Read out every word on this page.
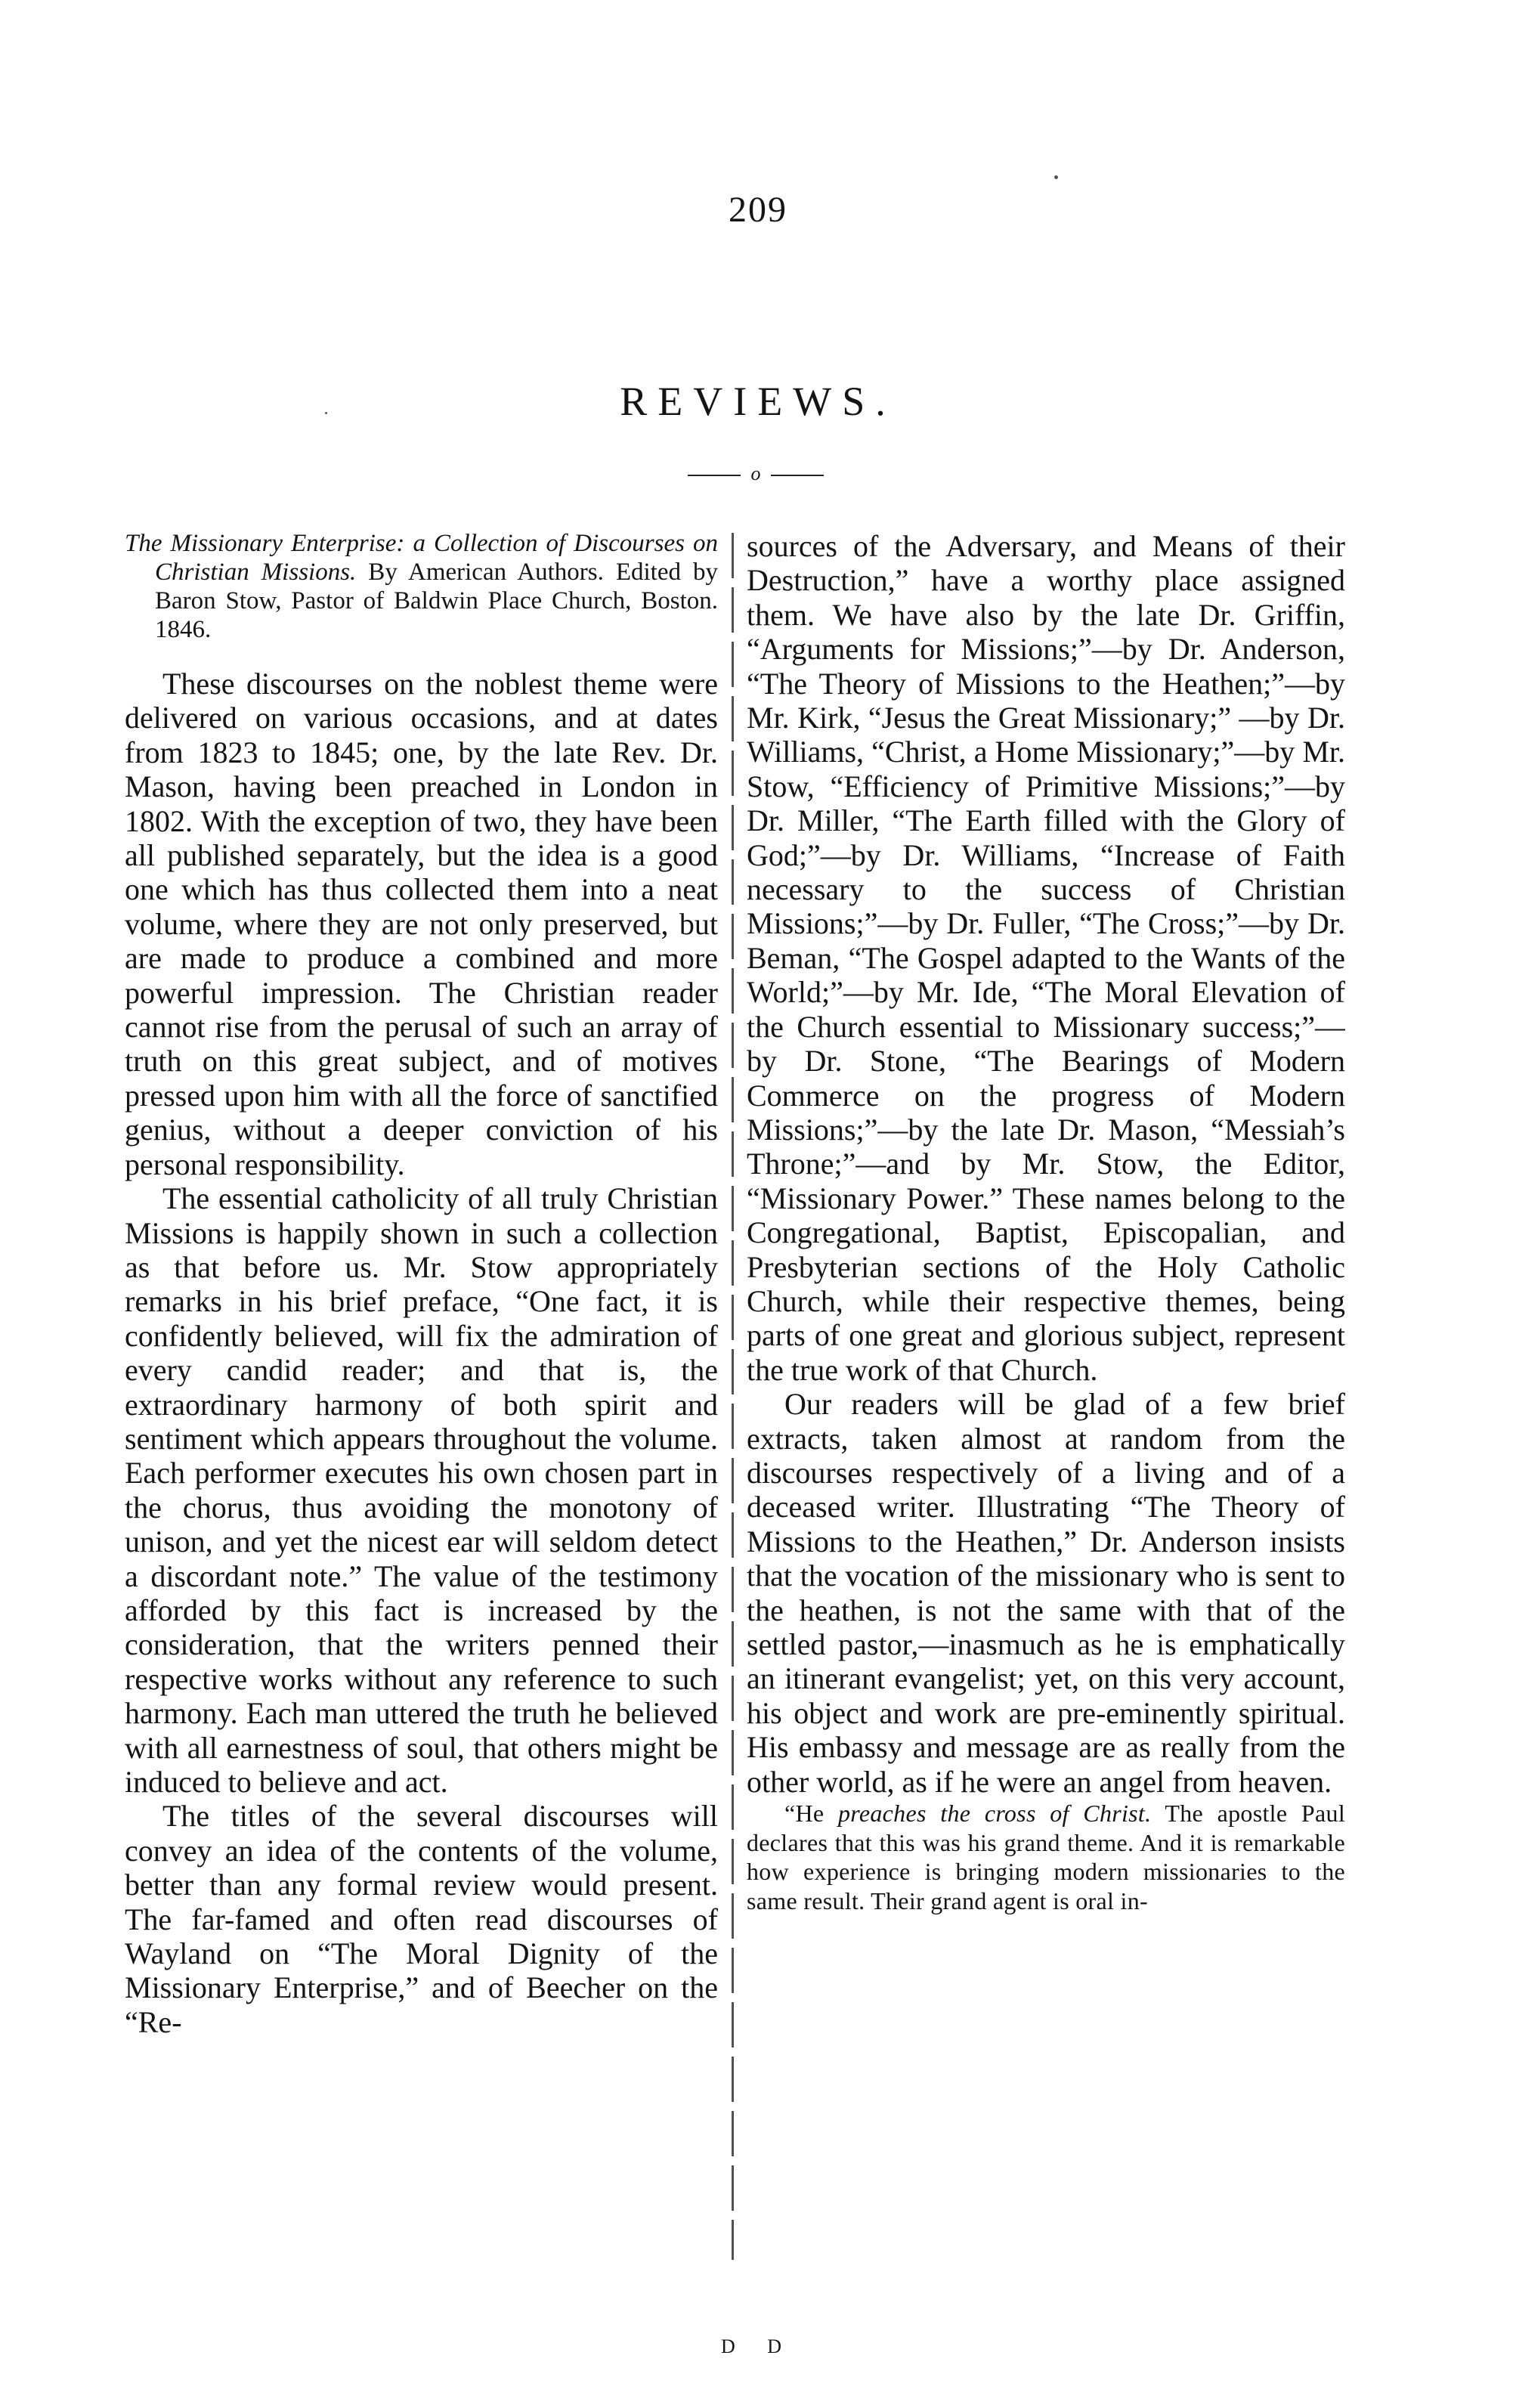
209
REVIEWS.
o

The Missionary Enterprise: a Collection of Discourses on Christian Missions. By American Authors. Edited by Baron Stow, Pastor of Baldwin Place Church, Boston. 1846.

These discourses on the noblest theme were delivered on various occasions, and at dates from 1823 to 1845; one, by the late Rev. Dr. Mason, having been preached in London in 1802. With the exception of two, they have been all published separately, but the idea is a good one which has thus collected them into a neat volume, where they are not only preserved, but are made to produce a combined and more powerful impression. The Christian reader cannot rise from the perusal of such an array of truth on this great subject, and of motives pressed upon him with all the force of sanctified genius, without a deeper conviction of his personal responsibility.

The essential catholicity of all truly Christian Missions is happily shown in such a collection as that before us. Mr. Stow appropriately remarks in his brief preface, “One fact, it is confidently believed, will fix the admiration of every candid reader; and that is, the extraordinary harmony of both spirit and sentiment which appears throughout the volume. Each performer executes his own chosen part in the chorus, thus avoiding the monotony of unison, and yet the nicest ear will seldom detect a discordant note.” The value of the testimony afforded by this fact is increased by the consideration, that the writers penned their respective works without any reference to such harmony. Each man uttered the truth he believed with all earnestness of soul, that others might be induced to believe and act.

The titles of the several discourses will convey an idea of the contents of the volume, better than any formal review would present. The far-famed and often read discourses of Wayland on “The Moral Dignity of the Missionary Enterprise,” and of Beecher on the “Re-

sources of the Adversary, and Means of their Destruction,” have a worthy place assigned them. We have also by the late Dr. Griffin, “Arguments for Missions;”—by Dr. Anderson, “The Theory of Missions to the Heathen;”—by Mr. Kirk, “Jesus the Great Missionary;” —by Dr. Williams, “Christ, a Home Missionary;”—by Mr. Stow, “Efficiency of Primitive Missions;”—by Dr. Miller, “The Earth filled with the Glory of God;”—by Dr. Williams, “Increase of Faith necessary to the success of Christian Missions;”—by Dr. Fuller, “The Cross;”—by Dr. Beman, “The Gospel adapted to the Wants of the World;”—by Mr. Ide, “The Moral Elevation of the Church essential to Missionary success;”—by Dr. Stone, “The Bearings of Modern Commerce on the progress of Modern Missions;”—by the late Dr. Mason, “Messiah’s Throne;”—and by Mr. Stow, the Editor, “Missionary Power.” These names belong to the Congregational, Baptist, Episcopalian, and Presbyterian sections of the Holy Catholic Church, while their respective themes, being parts of one great and glorious subject, represent the true work of that Church.

Our readers will be glad of a few brief extracts, taken almost at random from the discourses respectively of a living and of a deceased writer. Illustrating “The Theory of Missions to the Heathen,” Dr. Anderson insists that the vocation of the missionary who is sent to the heathen, is not the same with that of the settled pastor,—inasmuch as he is emphatically an itinerant evangelist; yet, on this very account, his object and work are pre-eminently spiritual. His embassy and message are as really from the other world, as if he were an angel from heaven.

“He preaches the cross of Christ. The apostle Paul declares that this was his grand theme. And it is remarkable how experience is bringing modern missionaries to the same result. Their grand agent is oral in-

D D
